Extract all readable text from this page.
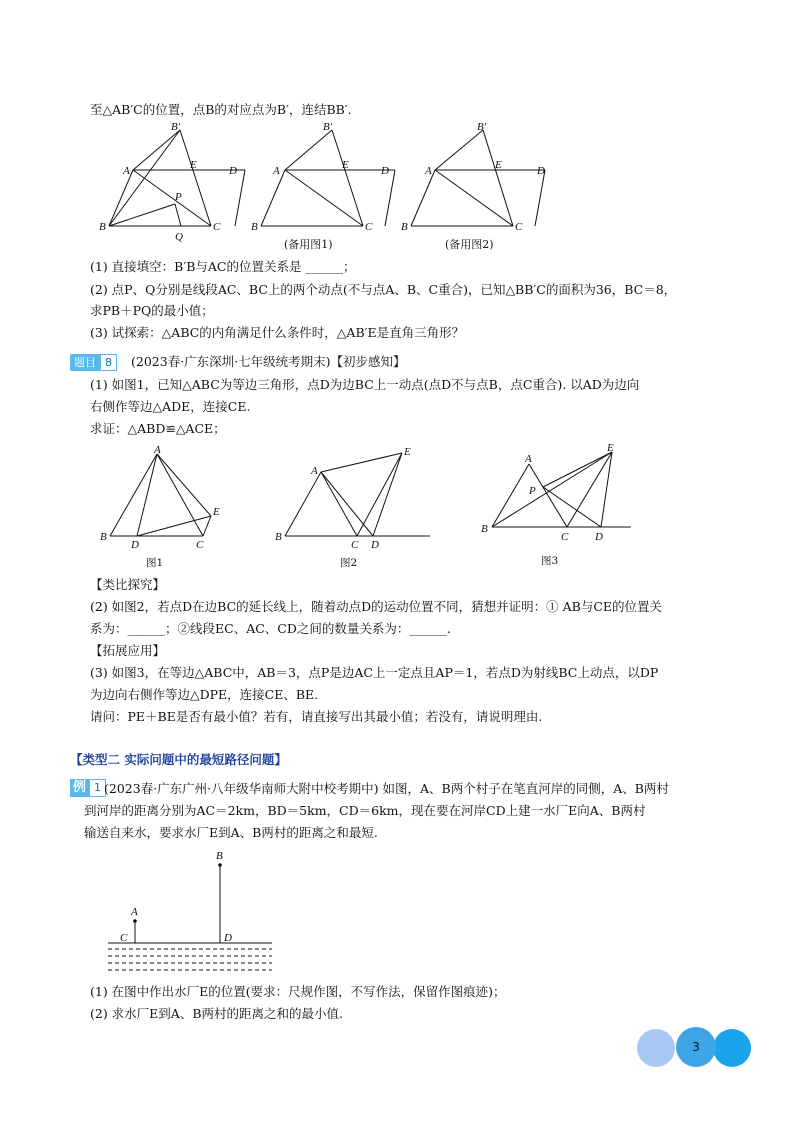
至△AB′C的位置，点B的对应点为B′，连结BB′.
B′
A	E	D
P
B
Q
C
B′
A	E	D
B	C
B′
A	E	D
B	C
(备用图1)	(备用图2)
(1) 直接填空：B′B与AC的位置关系是 ______；
(2) 点P、Q分别是线段AC、BC上的两个动点(不与点A、B、C重合)，已知△BB′C的面积为36，BC＝8，
求PB＋PQ的最小值；
(3) 试探索：△ABC的内角满足什么条件时，△AB′E是直角三角形？
题目 8	(2023春·广东深圳·七年级统考期末)【初步感知】
(1) 如图1，已知△ABC为等边三角形，点D为边BC上一动点(点D不与点B，点C重合). 以AD为边向
右侧作等边△ADE，连接CE.
求证：△ABD≌△ACE；
A
B
D	C
E
A
E
B
C D
A
P
E
B
C D
图1	图2	图3
【类比探究】
(2) 如图2，若点D在边BC的延长线上，随着动点D的运动位置不同，猜想并证明：① AB与CE的位置关
系为：______；②线段EC、AC、CD之间的数量关系为：______.
【拓展应用】
(3) 如图3，在等边△ABC中，AB＝3，点P是边AC上一定点且AP＝1，若点D为射线BC上动点，以DP
为边向右侧作等边△DPE，连接CE、BE.
请问：PE＋BE是否有最小值？若有，请直接写出其最小值；若没有，请说明理由.
【类型二 实际问题中的最短路径问题】
例 1 (2023春·广东广州·八年级华南师大附中校考期中) 如图，A、B两个村子在笔直河岸的同侧，A、B两村
到河岸的距离分别为AC＝2km，BD＝5km，CD＝6km，现在要在河岸CD上建一水厂E向A、B两村
输送自来水，要求水厂E到A、B两村的距离之和最短.
B
A
C	D
(1) 在图中作出水厂E的位置(要求：尺规作图，不写作法，保留作图痕迹)；
(2) 求水厂E到A、B两村的距离之和的最小值.
3
